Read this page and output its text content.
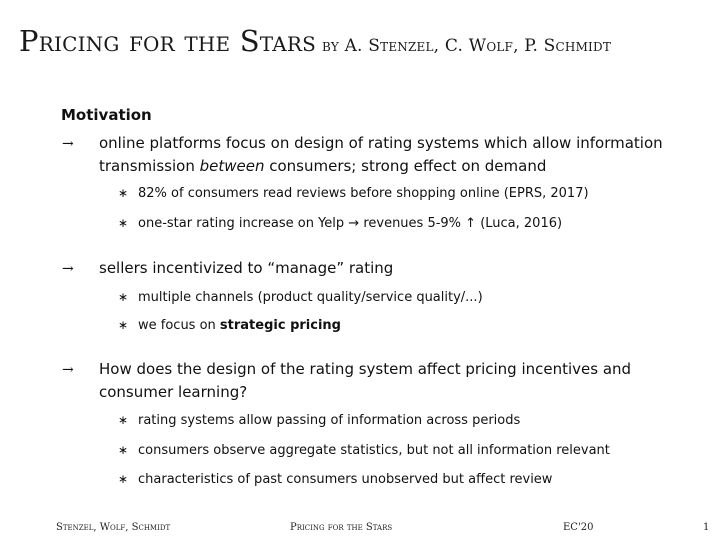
Pricing for the Stars by A. Stenzel, C. Wolf, P. Schmidt
Motivation
→ online platforms focus on design of rating systems which allow information
transmission between consumers; strong effect on demand
∗ 82% of consumers read reviews before shopping online (EPRS, 2017)
∗ one-star rating increase on Yelp → revenues 5-9% ↑ (Luca, 2016)
→ sellers incentivized to “manage” rating
∗ multiple channels (product quality/service quality/...)
∗ we focus on strategic pricing
→ How does the design of the rating system affect pricing incentives and
consumer learning?
∗ rating systems allow passing of information across periods
∗ consumers observe aggregate statistics, but not all information relevant
∗ characteristics of past consumers unobserved but affect review
Stenzel, Wolf, Schmidt	Pricing for the Stars	EC'20	1
